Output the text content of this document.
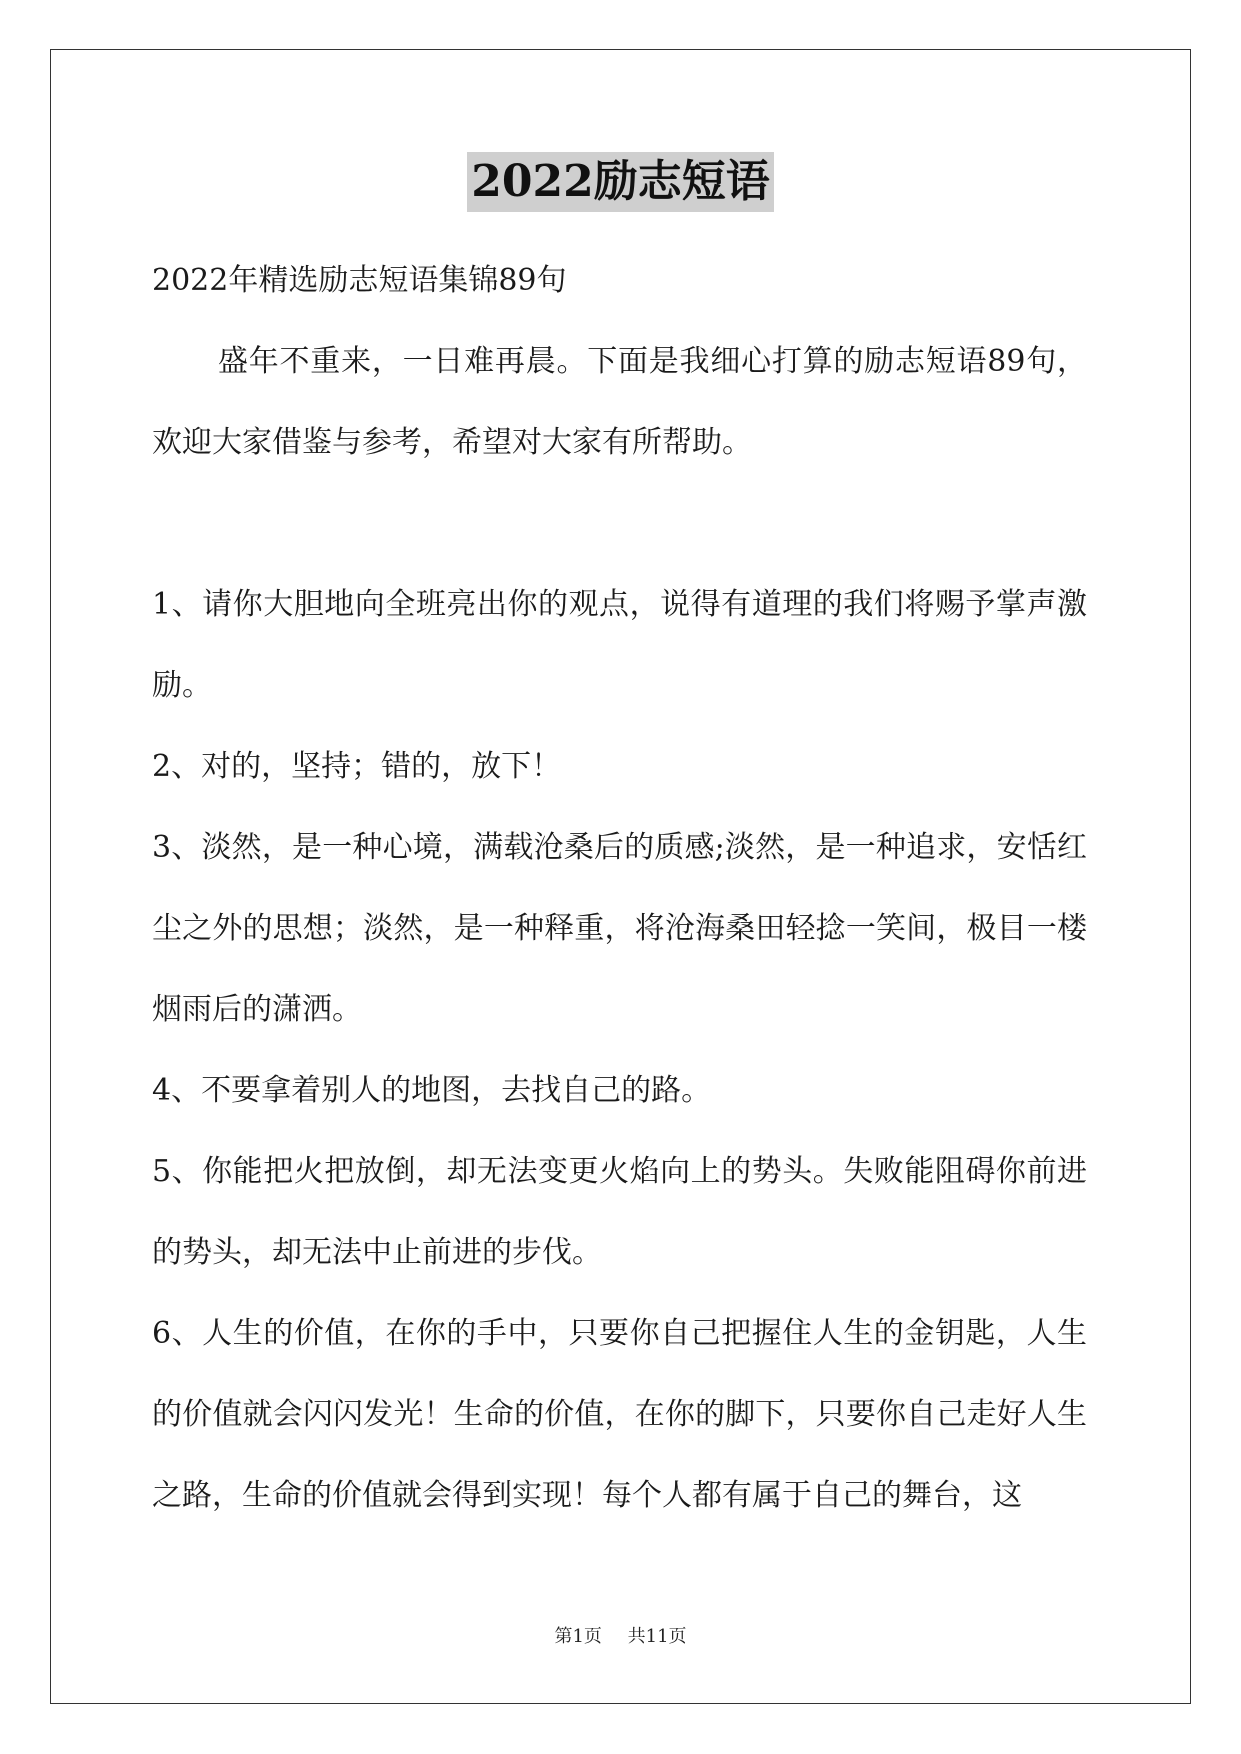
2022励志短语

2022年精选励志短语集锦89句

盛年不重来，一日难再晨。下面是我细心打算的励志短语89句，欢迎大家借鉴与参考，希望对大家有所帮助。

1、请你大胆地向全班亮出你的观点，说得有道理的我们将赐予掌声激励。

2、对的，坚持；错的，放下！

3、淡然，是一种心境，满载沧桑后的质感;淡然，是一种追求，安恬红尘之外的思想；淡然，是一种释重，将沧海桑田轻捻一笑间，极目一楼烟雨后的潇洒。

4、不要拿着别人的地图，去找自己的路。

5、你能把火把放倒，却无法变更火焰向上的势头。失败能阻碍你前进的势头，却无法中止前进的步伐。

6、人生的价值，在你的手中，只要你自己把握住人生的金钥匙，人生的价值就会闪闪发光！生命的价值，在你的脚下，只要你自己走好人生之路，生命的价值就会得到实现！每个人都有属于自己的舞台，这

第1页 共11页
